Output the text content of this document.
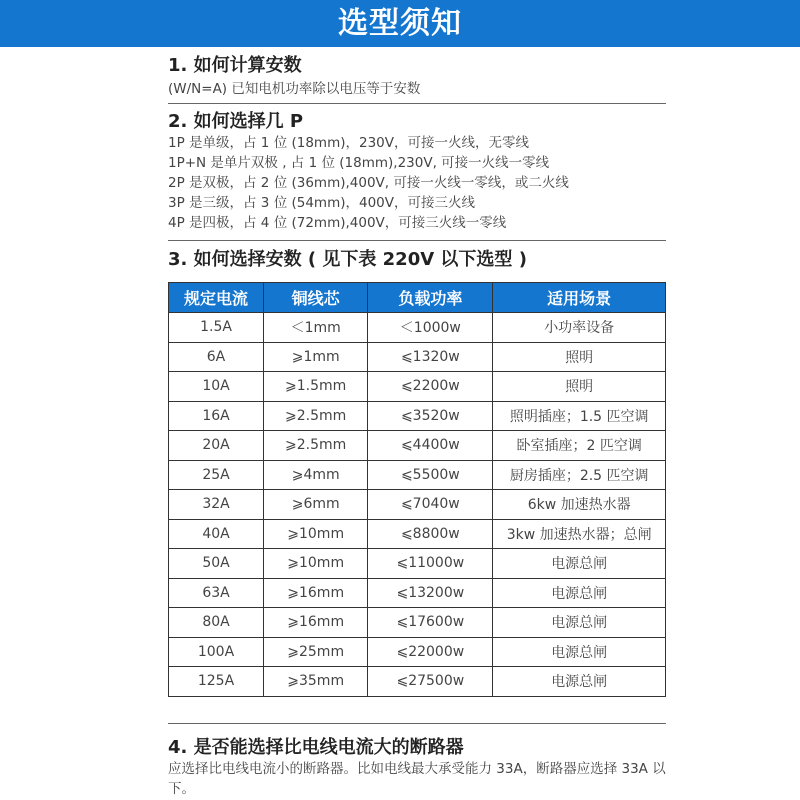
选型须知

1. 如何计算安数

(W/N=A) 已知电机功率除以电压等于安数

2. 如何选择几 P

1P 是单级，占 1 位 (18mm)，230V，可接一火线，无零线

1P+N 是单片双极 , 占 1 位 (18mm),230V, 可接一火线一零线

2P 是双极，占 2 位 (36mm),400V, 可接一火线一零线，或二火线

3P 是三级，占 3 位 (54mm)，400V，可接三火线

4P 是四极，占 4 位 (72mm),400V，可接三火线一零线

3. 如何选择安数 ( 见下表 220V 以下选型 )

规定电流	铜线芯	负载功率	适用场景
1.5A	＜1mm	＜1000w	小功率设备
6A	⩾1mm	⩽1320w	照明
10A	⩾1.5mm	⩽2200w	照明
16A	⩾2.5mm	⩽3520w	照明插座；1.5 匹空调
20A	⩾2.5mm	⩽4400w	卧室插座；2 匹空调
25A	⩾4mm	⩽5500w	厨房插座；2.5 匹空调
32A	⩾6mm	⩽7040w	6kw 加速热水器
40A	⩾10mm	⩽8800w	3kw 加速热水器；总闸
50A	⩾10mm	⩽11000w	电源总闸
63A	⩾16mm	⩽13200w	电源总闸
80A	⩾16mm	⩽17600w	电源总闸
100A	⩾25mm	⩽22000w	电源总闸
125A	⩾35mm	⩽27500w	电源总闸

4. 是否能选择比电线电流大的断路器

应选择比电线电流小的断路器。比如电线最大承受能力 33A，断路器应选择 33A 以下。
